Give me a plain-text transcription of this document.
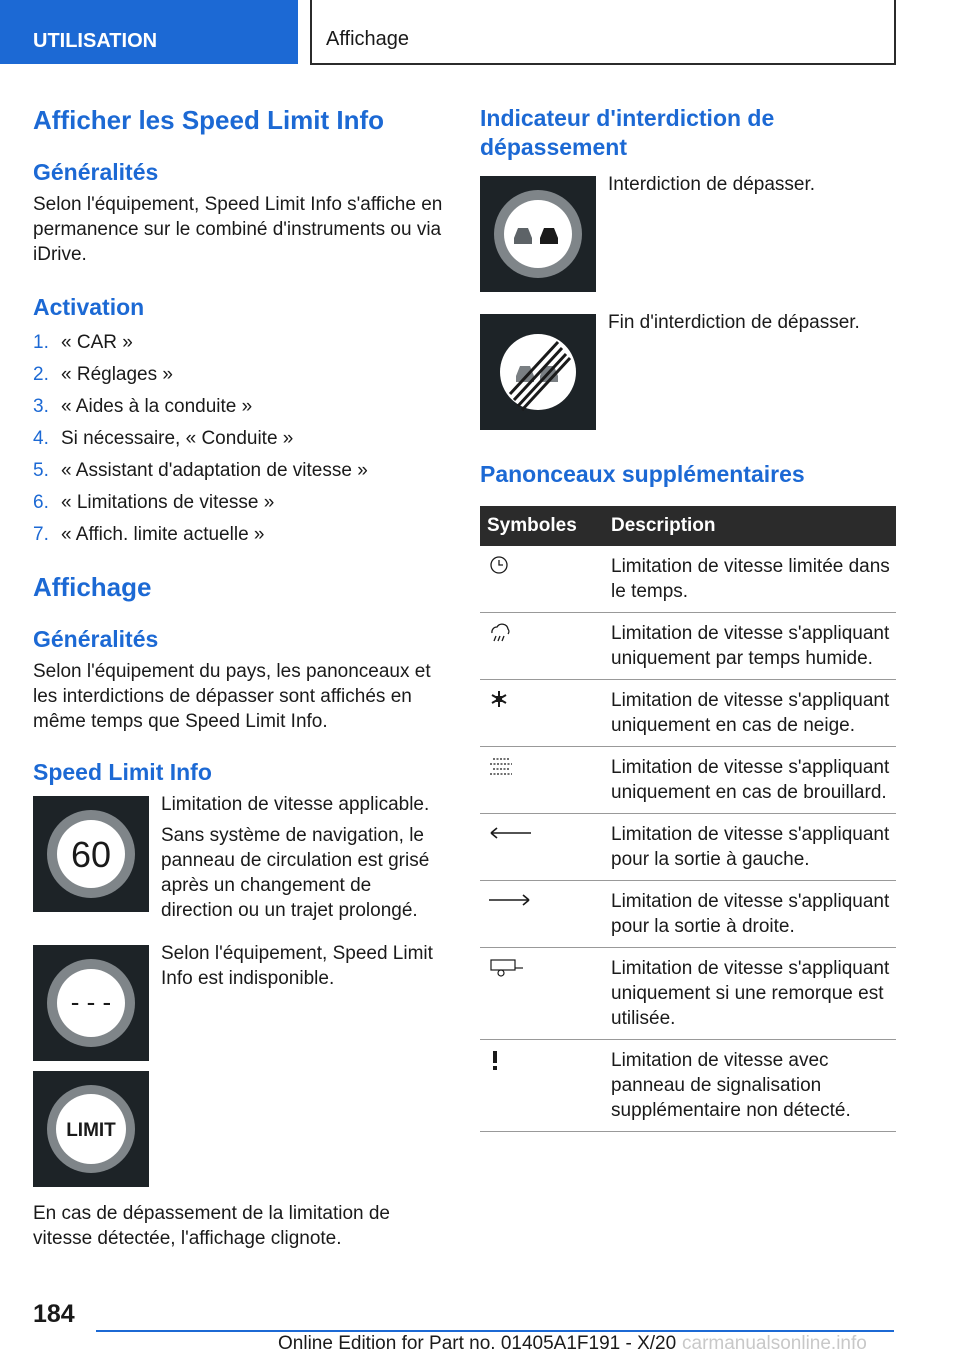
UTILISATION	Affichage
Afficher les Speed Limit Info
Généralités
Selon l'équipement, Speed Limit Info s'affiche en permanence sur le combiné d'instruments ou via iDrive.
Activation
1. « CAR »
2. « Réglages »
3. « Aides à la conduite »
4. Si nécessaire, « Conduite »
5. « Assistant d'adaptation de vitesse »
6. « Limitations de vitesse »
7. « Affich. limite actuelle »
Affichage
Généralités
Selon l'équipement du pays, les panonceaux et les interdictions de dépasser sont affichés en même temps que Speed Limit Info.
Speed Limit Info
60
Limitation de vitesse applicable.
Sans système de navigation, le panneau de circulation est grisé après un changement de direction ou un trajet prolongé.
- - -
Selon l'équipement, Speed Limit Info est indisponible.
LIMIT
En cas de dépassement de la limitation de vitesse détectée, l'affichage clignote.
Indicateur d'interdiction de dépassement
Interdiction de dépasser.
Fin d'interdiction de dépasser.
Panonceaux supplémentaires
Symboles	Description
	Limitation de vitesse limitée dans le temps.
	Limitation de vitesse s'appliquant uniquement par temps humide.
	Limitation de vitesse s'appliquant uniquement en cas de neige.
	Limitation de vitesse s'appliquant uniquement en cas de brouillard.
	Limitation de vitesse s'appliquant pour la sortie à gauche.
	Limitation de vitesse s'appliquant pour la sortie à droite.
	Limitation de vitesse s'appliquant uniquement si une remorque est utilisée.
	Limitation de vitesse avec panneau de signalisation supplémentaire non détecté.
184
Online Edition for Part no. 01405A1F191 - X/20 carmanualsonline.info
